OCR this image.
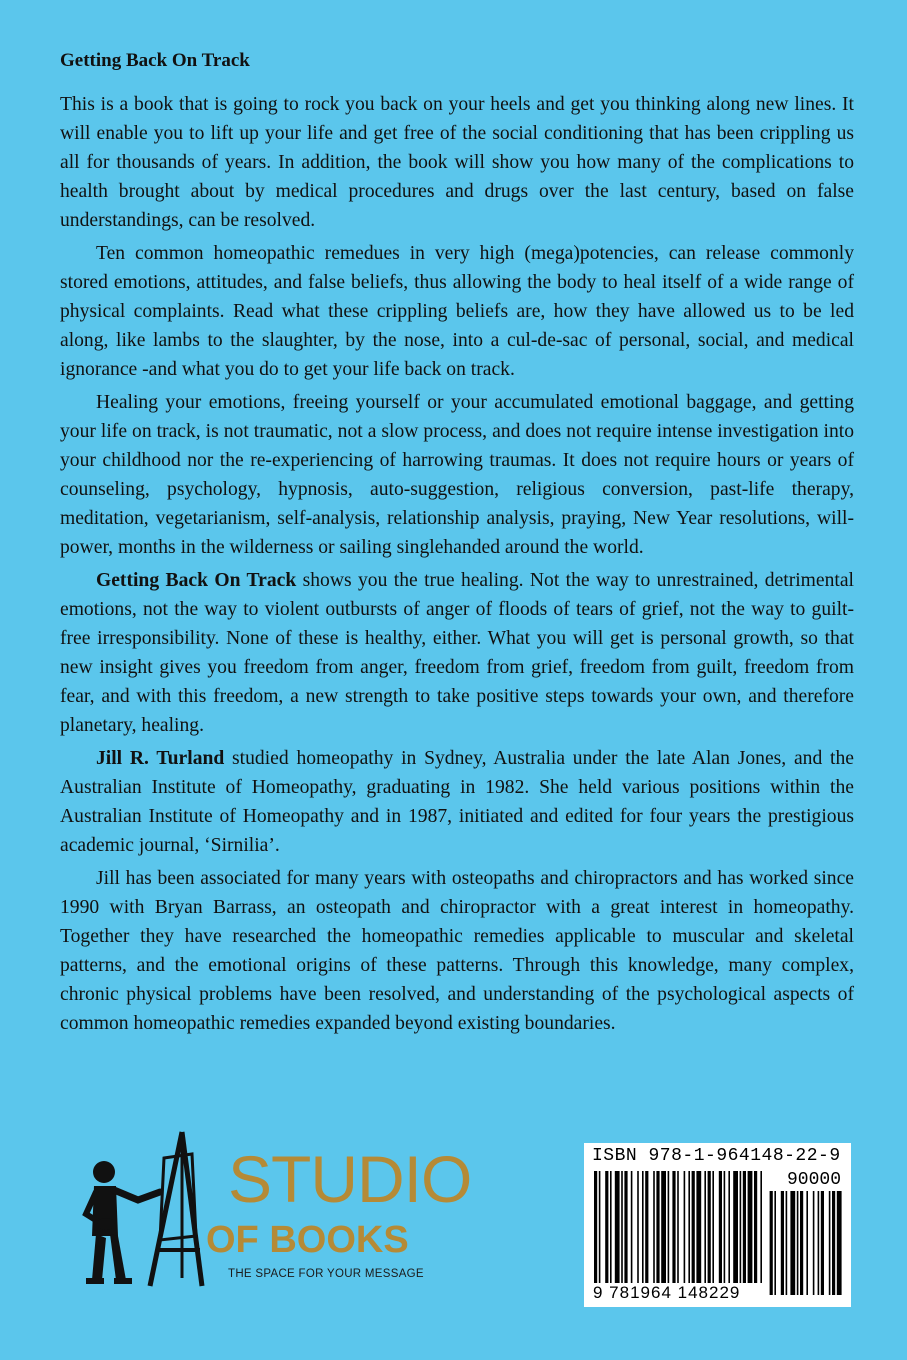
Getting Back On Track

This is a book that is going to rock you back on your heels and get you thinking along new lines. It will enable you to lift up your life and get free of the social conditioning that has been crippling us all for thousands of years. In addition, the book will show you how many of the complications to health brought about by medical procedures and drugs over the last century, based on false understandings, can be resolved.

Ten common homeopathic remedues in very high (mega)potencies, can release commonly stored emotions, attitudes, and false beliefs, thus allowing the body to heal itself of a wide range of physical complaints. Read what these crippling beliefs are, how they have allowed us to be led along, like lambs to the slaughter, by the nose, into a cul-de-sac of personal, social, and medical ignorance -and what you do to get your life back on track.

Healing your emotions, freeing yourself or your accumulated emotional baggage, and getting your life on track, is not traumatic, not a slow process, and does not require intense investigation into your childhood nor the re-experiencing of harrowing traumas. It does not require hours or years of counseling, psychology, hypnosis, auto-suggestion, religious conversion, past-life therapy, meditation, vegetarianism, self-analysis, relationship analysis, praying, New Year resolutions, will-power, months in the wilderness or sailing singlehanded around the world.

Getting Back On Track shows you the true healing. Not the way to unrestrained, detrimental emotions, not the way to violent outbursts of anger of floods of tears of grief, not the way to guilt-free irresponsibility. None of these is healthy, either. What you will get is personal growth, so that new insight gives you freedom from anger, freedom from grief, freedom from guilt, freedom from fear, and with this freedom, a new strength to take positive steps towards your own, and therefore planetary, healing.

Jill R. Turland studied homeopathy in Sydney, Australia under the late Alan Jones, and the Australian Institute of Homeopathy, graduating in 1982. She held various positions within the Australian Institute of Homeopathy and in 1987, initiated and edited for four years the prestigious academic journal, ‘Sirnilia’.

Jill has been associated for many years with osteopaths and chiropractors and has worked since 1990 with Bryan Barrass, an osteopath and chiropractor with a great interest in homeopathy. Together they have researched the homeopathic remedies applicable to muscular and skeletal patterns, and the emotional origins of these patterns. Through this knowledge, many complex, chronic physical problems have been resolved, and understanding of the psychological aspects of common homeopathic remedies expanded beyond existing boundaries.

STUDIO
OF BOOKS
THE SPACE FOR YOUR MESSAGE
ISBN 978-1-964148-22-9
90000
9 781964 148229
